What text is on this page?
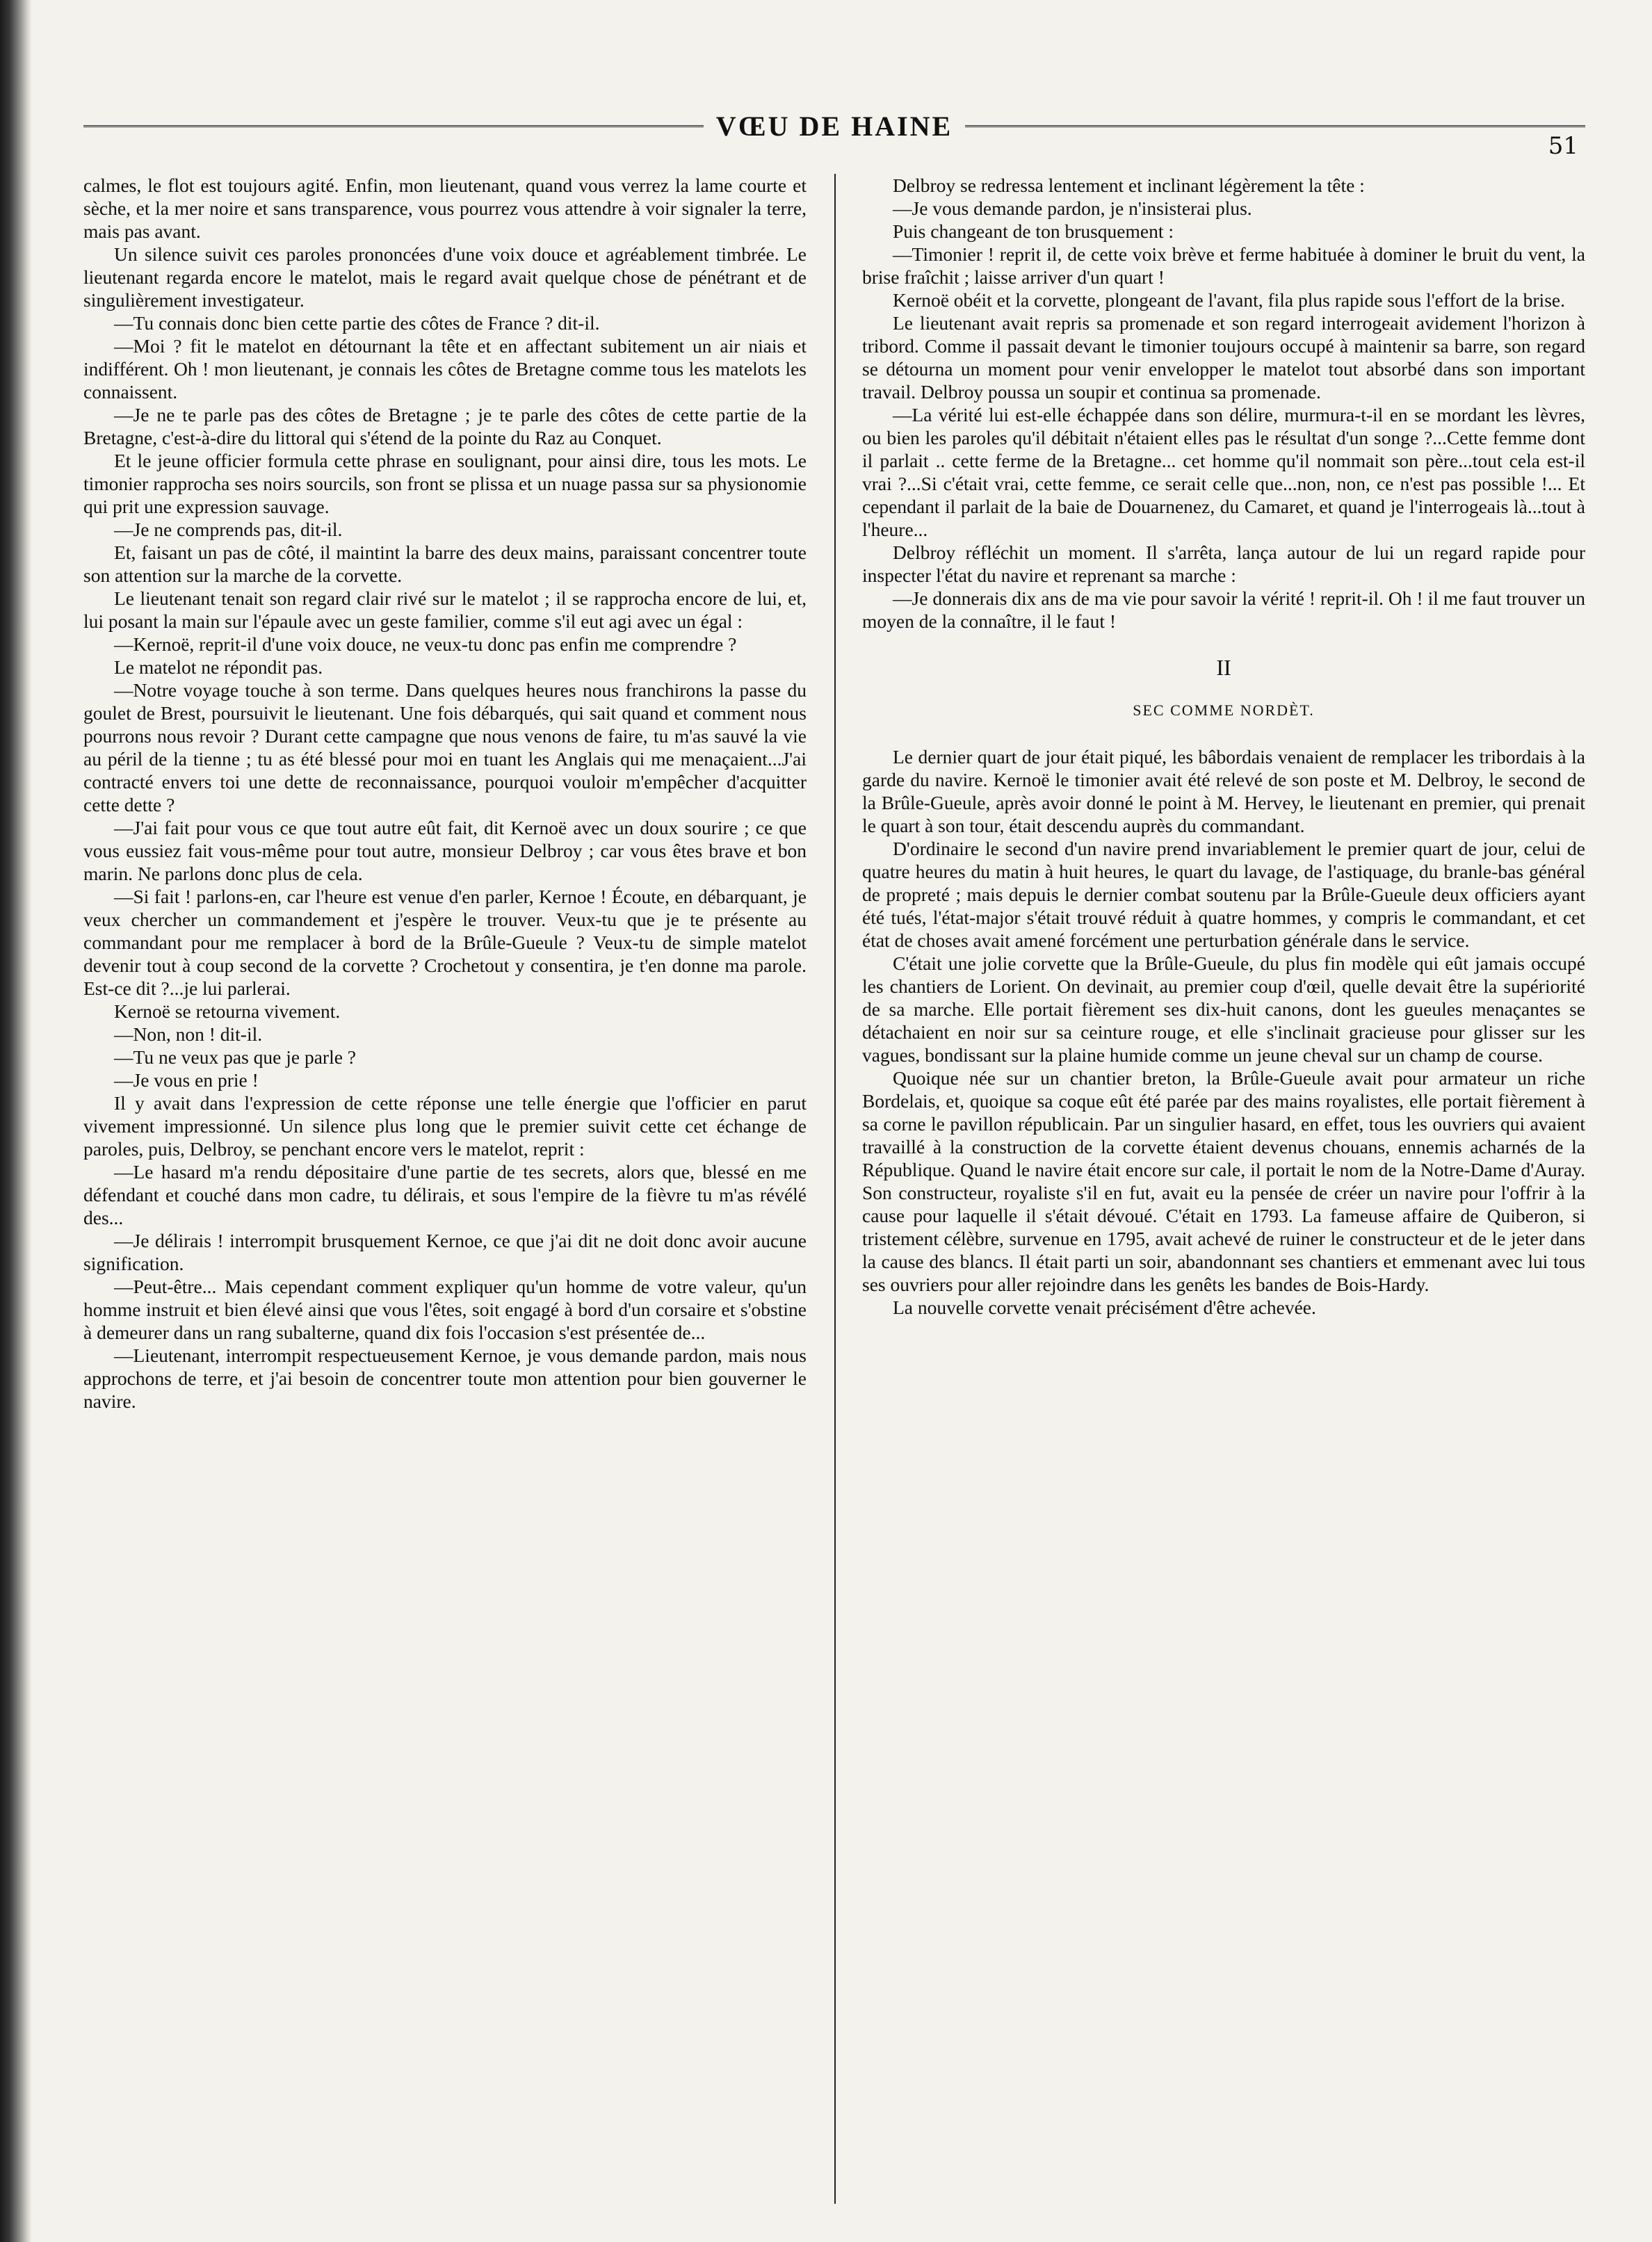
VŒU DE HAINE
51

calmes, le flot est toujours agité. Enfin, mon lieutenant, quand vous verrez la lame courte et sèche, et la mer noire et sans transparence, vous pourrez vous attendre à voir signaler la terre, mais pas avant.

Un silence suivit ces paroles prononcées d'une voix douce et agréablement timbrée. Le lieutenant regarda encore le matelot, mais le regard avait quelque chose de pénétrant et de singulièrement investigateur.

—Tu connais donc bien cette partie des côtes de France ? dit-il.

—Moi ? fit le matelot en détournant la tête et en affectant subitement un air niais et indifférent. Oh ! mon lieutenant, je connais les côtes de Bretagne comme tous les matelots les connaissent.

—Je ne te parle pas des côtes de Bretagne ; je te parle des côtes de cette partie de la Bretagne, c'est-à-dire du littoral qui s'étend de la pointe du Raz au Conquet.

Et le jeune officier formula cette phrase en soulignant, pour ainsi dire, tous les mots. Le timonier rapprocha ses noirs sourcils, son front se plissa et un nuage passa sur sa physionomie qui prit une expression sauvage.

—Je ne comprends pas, dit-il.

Et, faisant un pas de côté, il maintint la barre des deux mains, paraissant concentrer toute son attention sur la marche de la corvette.

Le lieutenant tenait son regard clair rivé sur le matelot ; il se rapprocha encore de lui, et, lui posant la main sur l'épaule avec un geste familier, comme s'il eut agi avec un égal :

—Kernoë, reprit-il d'une voix douce, ne veux-tu donc pas enfin me comprendre ?

Le matelot ne répondit pas.

—Notre voyage touche à son terme. Dans quelques heures nous franchirons la passe du goulet de Brest, poursuivit le lieutenant. Une fois débarqués, qui sait quand et comment nous pourrons nous revoir ? Durant cette campagne que nous venons de faire, tu m'as sauvé la vie au péril de la tienne ; tu as été blessé pour moi en tuant les Anglais qui me menaçaient...J'ai contracté envers toi une dette de reconnaissance, pourquoi vouloir m'empêcher d'acquitter cette dette ?

—J'ai fait pour vous ce que tout autre eût fait, dit Kernoë avec un doux sourire ; ce que vous eussiez fait vous-même pour tout autre, monsieur Delbroy ; car vous êtes brave et bon marin. Ne parlons donc plus de cela.

—Si fait ! parlons-en, car l'heure est venue d'en parler, Kernoe ! Écoute, en débarquant, je veux chercher un commandement et j'espère le trouver. Veux-tu que je te présente au commandant pour me remplacer à bord de la Brûle-Gueule ? Veux-tu de simple matelot devenir tout à coup second de la corvette ? Crochetout y consentira, je t'en donne ma parole. Est-ce dit ?...je lui parlerai.

Kernoë se retourna vivement.

—Non, non ! dit-il.

—Tu ne veux pas que je parle ?

—Je vous en prie !

Il y avait dans l'expression de cette réponse une telle énergie que l'officier en parut vivement impressionné. Un silence plus long que le premier suivit cette cet échange de paroles, puis, Delbroy, se penchant encore vers le matelot, reprit :

—Le hasard m'a rendu dépositaire d'une partie de tes secrets, alors que, blessé en me défendant et couché dans mon cadre, tu délirais, et sous l'empire de la fièvre tu m'as révélé des...

—Je délirais ! interrompit brusquement Kernoe, ce que j'ai dit ne doit donc avoir aucune signification.

—Peut-être... Mais cependant comment expliquer qu'un homme de votre valeur, qu'un homme instruit et bien élevé ainsi que vous l'êtes, soit engagé à bord d'un corsaire et s'obstine à demeurer dans un rang subalterne, quand dix fois l'occasion s'est présentée de...

—Lieutenant, interrompit respectueusement Kernoe, je vous demande pardon, mais nous approchons de terre, et j'ai besoin de concentrer toute mon attention pour bien gouverner le navire.

Delbroy se redressa lentement et inclinant légèrement la tête :

—Je vous demande pardon, je n'insisterai plus.

Puis changeant de ton brusquement :

—Timonier ! reprit il, de cette voix brève et ferme habituée à dominer le bruit du vent, la brise fraîchit ; laisse arriver d'un quart !

Kernoë obéit et la corvette, plongeant de l'avant, fila plus rapide sous l'effort de la brise.

Le lieutenant avait repris sa promenade et son regard interrogeait avidement l'horizon à tribord. Comme il passait devant le timonier toujours occupé à maintenir sa barre, son regard se détourna un moment pour venir envelopper le matelot tout absorbé dans son important travail. Delbroy poussa un soupir et continua sa promenade.

—La vérité lui est-elle échappée dans son délire, murmura-t-il en se mordant les lèvres, ou bien les paroles qu'il débitait n'étaient elles pas le résultat d'un songe ?...Cette femme dont il parlait .. cette ferme de la Bretagne... cet homme qu'il nommait son père...tout cela est-il vrai ?...Si c'était vrai, cette femme, ce serait celle que...non, non, ce n'est pas possible !... Et cependant il parlait de la baie de Douarnenez, du Camaret, et quand je l'interrogeais là...tout à l'heure...

Delbroy réfléchit un moment. Il s'arrêta, lança autour de lui un regard rapide pour inspecter l'état du navire et reprenant sa marche :

—Je donnerais dix ans de ma vie pour savoir la vérité ! reprit-il. Oh ! il me faut trouver un moyen de la connaître, il le faut !

II
SEC COMME NORDÈT.

Le dernier quart de jour était piqué, les bâbordais venaient de remplacer les tribordais à la garde du navire. Kernoë le timonier avait été relevé de son poste et M. Delbroy, le second de la Brûle-Gueule, après avoir donné le point à M. Hervey, le lieutenant en premier, qui prenait le quart à son tour, était descendu auprès du commandant.

D'ordinaire le second d'un navire prend invariablement le premier quart de jour, celui de quatre heures du matin à huit heures, le quart du lavage, de l'astiquage, du branle-bas général de propreté ; mais depuis le dernier combat soutenu par la Brûle-Gueule deux officiers ayant été tués, l'état-major s'était trouvé réduit à quatre hommes, y compris le commandant, et cet état de choses avait amené forcément une perturbation générale dans le service.

C'était une jolie corvette que la Brûle-Gueule, du plus fin modèle qui eût jamais occupé les chantiers de Lorient. On devinait, au premier coup d'œil, quelle devait être la supériorité de sa marche. Elle portait fièrement ses dix-huit canons, dont les gueules menaçantes se détachaient en noir sur sa ceinture rouge, et elle s'inclinait gracieuse pour glisser sur les vagues, bondissant sur la plaine humide comme un jeune cheval sur un champ de course.

Quoique née sur un chantier breton, la Brûle-Gueule avait pour armateur un riche Bordelais, et, quoique sa coque eût été parée par des mains royalistes, elle portait fièrement à sa corne le pavillon républicain. Par un singulier hasard, en effet, tous les ouvriers qui avaient travaillé à la construction de la corvette étaient devenus chouans, ennemis acharnés de la République. Quand le navire était encore sur cale, il portait le nom de la Notre-Dame d'Auray. Son constructeur, royaliste s'il en fut, avait eu la pensée de créer un navire pour l'offrir à la cause pour laquelle il s'était dévoué. C'était en 1793. La fameuse affaire de Quiberon, si tristement célèbre, survenue en 1795, avait achevé de ruiner le constructeur et de le jeter dans la cause des blancs. Il était parti un soir, abandonnant ses chantiers et emmenant avec lui tous ses ouvriers pour aller rejoindre dans les genêts les bandes de Bois-Hardy.

La nouvelle corvette venait précisément d'être achevée.
